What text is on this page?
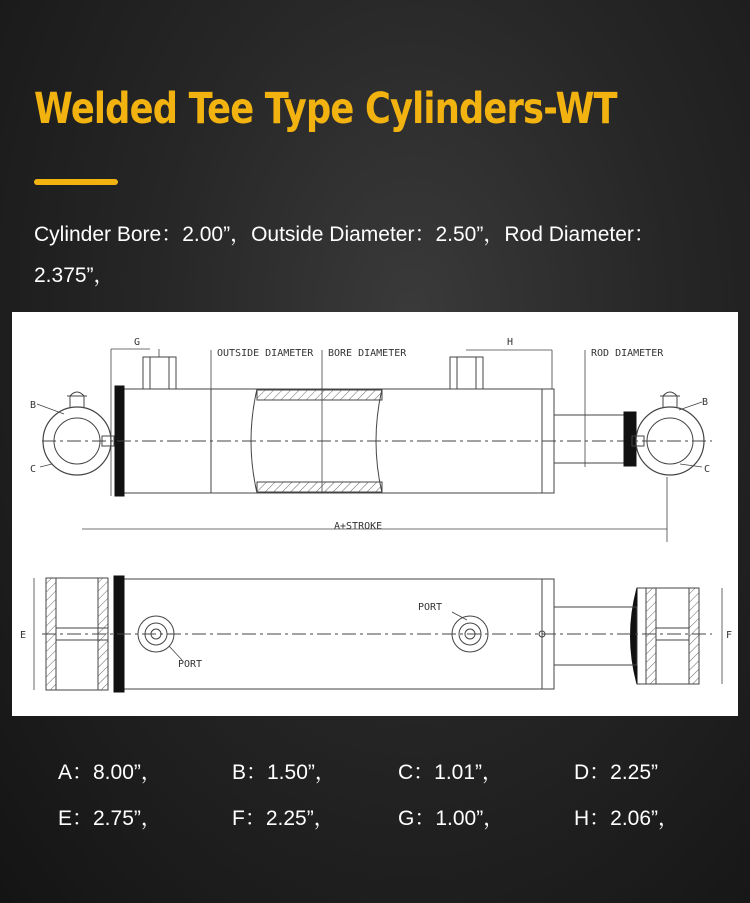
Welded Tee Type Cylinders-WT
Cylinder Bore：2.00”，Outside Diameter：2.50”，Rod Diameter：
2.375”，
G
OUTSIDE DIAMETER BORE DIAMETER
H
ROD DIAMETER
B
C
B
C
A+STROKE
PORT
PORT
E	F
A：8.00”，	B：1.50”，	C：1.01”，	D：2.25”
E：2.75”，	F：2.25”，	G：1.00”，	H：2.06”，
